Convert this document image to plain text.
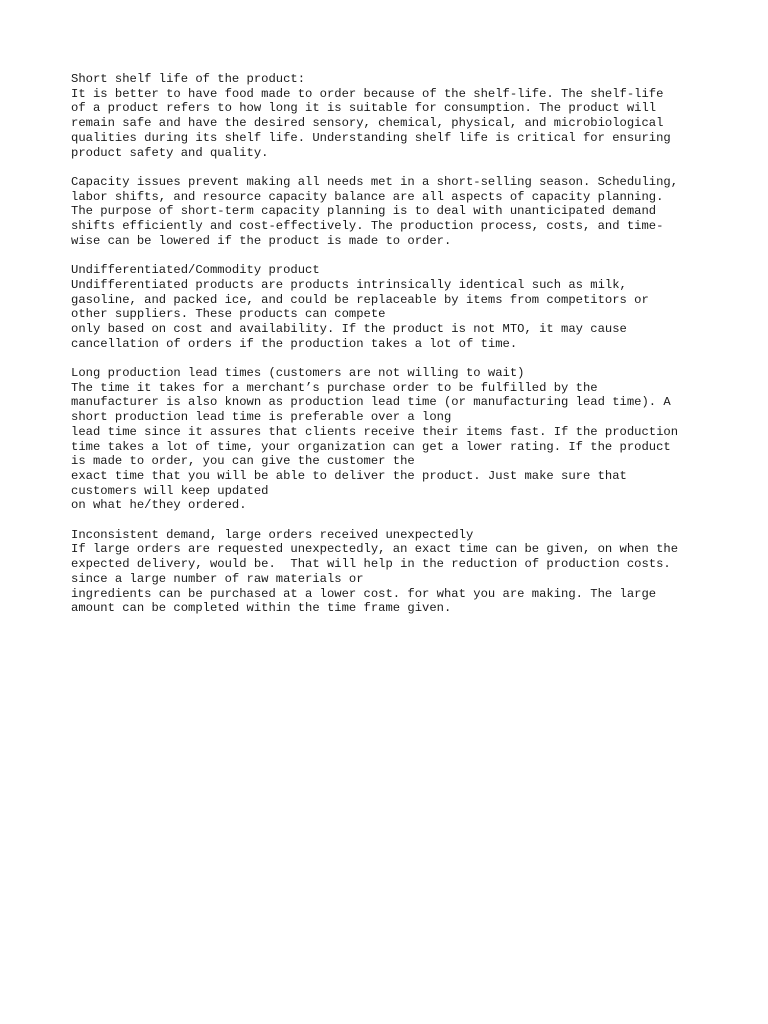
Short shelf life of the product:
It is better to have food made to order because of the shelf-life. The shelf-life
of a product refers to how long it is suitable for consumption. The product will
remain safe and have the desired sensory, chemical, physical, and microbiological
qualities during its shelf life. Understanding shelf life is critical for ensuring
product safety and quality.
Capacity issues prevent making all needs met in a short-selling season. Scheduling,
labor shifts, and resource capacity balance are all aspects of capacity planning.
The purpose of short-term capacity planning is to deal with unanticipated demand
shifts efficiently and cost-effectively. The production process, costs, and time-
wise can be lowered if the product is made to order.
Undifferentiated/Commodity product
Undifferentiated products are products intrinsically identical such as milk,
gasoline, and packed ice, and could be replaceable by items from competitors or
other suppliers. These products can compete
only based on cost and availability. If the product is not MTO, it may cause
cancellation of orders if the production takes a lot of time.
Long production lead times (customers are not willing to wait)
The time it takes for a merchant’s purchase order to be fulfilled by the
manufacturer is also known as production lead time (or manufacturing lead time). A
short production lead time is preferable over a long
lead time since it assures that clients receive their items fast. If the production
time takes a lot of time, your organization can get a lower rating. If the product
is made to order, you can give the customer the
exact time that you will be able to deliver the product. Just make sure that
customers will keep updated
on what he/they ordered.
Inconsistent demand, large orders received unexpectedly
If large orders are requested unexpectedly, an exact time can be given, on when the
expected delivery, would be.  That will help in the reduction of production costs.
since a large number of raw materials or
ingredients can be purchased at a lower cost. for what you are making. The large
amount can be completed within the time frame given.
